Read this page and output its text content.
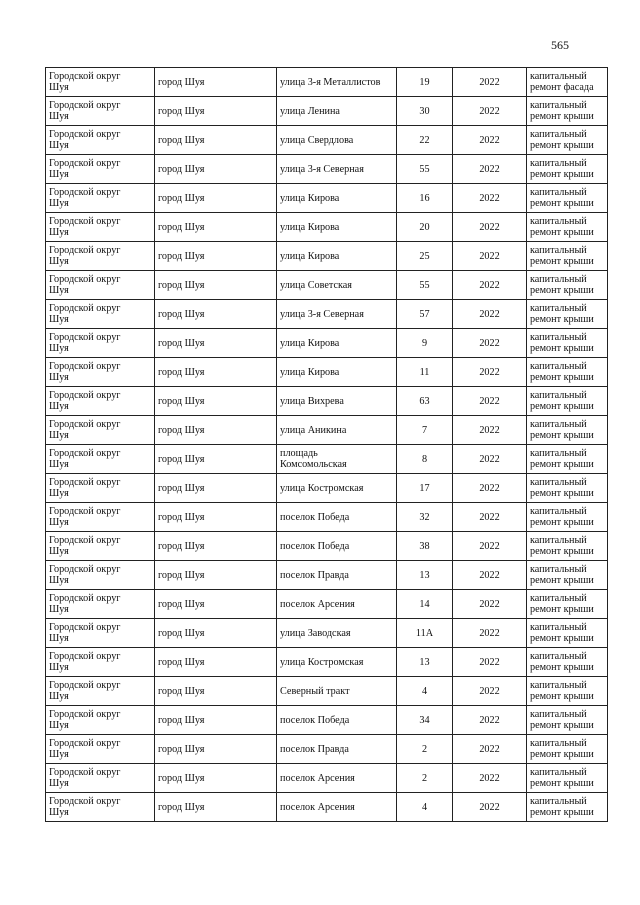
565
Городской округ
Шуя	город Шуя	улица 3-я Металлистов	19	2022	капитальный
ремонт фасада

Городской округ
Шуя	город Шуя	улица Ленина	30	2022	капитальный
ремонт крыши

Городской округ
Шуя	город Шуя	улица Свердлова	22	2022	капитальный
ремонт крыши

Городской округ
Шуя	город Шуя	улица 3-я Северная	55	2022	капитальный
ремонт крыши

Городской округ
Шуя	город Шуя	улица Кирова	16	2022	капитальный
ремонт крыши

Городской округ
Шуя	город Шуя	улица Кирова	20	2022	капитальный
ремонт крыши

Городской округ
Шуя	город Шуя	улица Кирова	25	2022	капитальный
ремонт крыши

Городской округ
Шуя	город Шуя	улица Советская	55	2022	капитальный
ремонт крыши

Городской округ
Шуя	город Шуя	улица 3-я Северная	57	2022	капитальный
ремонт крыши

Городской округ
Шуя	город Шуя	улица Кирова	9	2022	капитальный
ремонт крыши

Городской округ
Шуя	город Шуя	улица Кирова	11	2022	капитальный
ремонт крыши

Городской округ
Шуя	город Шуя	улица Вихрева	63	2022	капитальный
ремонт крыши

Городской округ
Шуя	город Шуя	улица Аникина	7	2022	капитальный
ремонт крыши

Городской округ
Шуя	город Шуя	площадь
Комсомольская	8	2022	капитальный
ремонт крыши

Городской округ
Шуя	город Шуя	улица Костромская	17	2022	капитальный
ремонт крыши

Городской округ
Шуя	город Шуя	поселок Победа	32	2022	капитальный
ремонт крыши

Городской округ
Шуя	город Шуя	поселок Победа	38	2022	капитальный
ремонт крыши

Городской округ
Шуя	город Шуя	поселок Правда	13	2022	капитальный
ремонт крыши

Городской округ
Шуя	город Шуя	поселок Арсения	14	2022	капитальный
ремонт крыши

Городской округ
Шуя	город Шуя	улица Заводская	11А	2022	капитальный
ремонт крыши

Городской округ
Шуя	город Шуя	улица Костромская	13	2022	капитальный
ремонт крыши

Городской округ
Шуя	город Шуя	Северный тракт	4	2022	капитальный
ремонт крыши

Городской округ
Шуя	город Шуя	поселок Победа	34	2022	капитальный
ремонт крыши

Городской округ
Шуя	город Шуя	поселок Правда	2	2022	капитальный
ремонт крыши

Городской округ
Шуя	город Шуя	поселок Арсения	2	2022	капитальный
ремонт крыши

Городской округ
Шуя	город Шуя	поселок Арсения	4	2022	капитальный
ремонт крыши
